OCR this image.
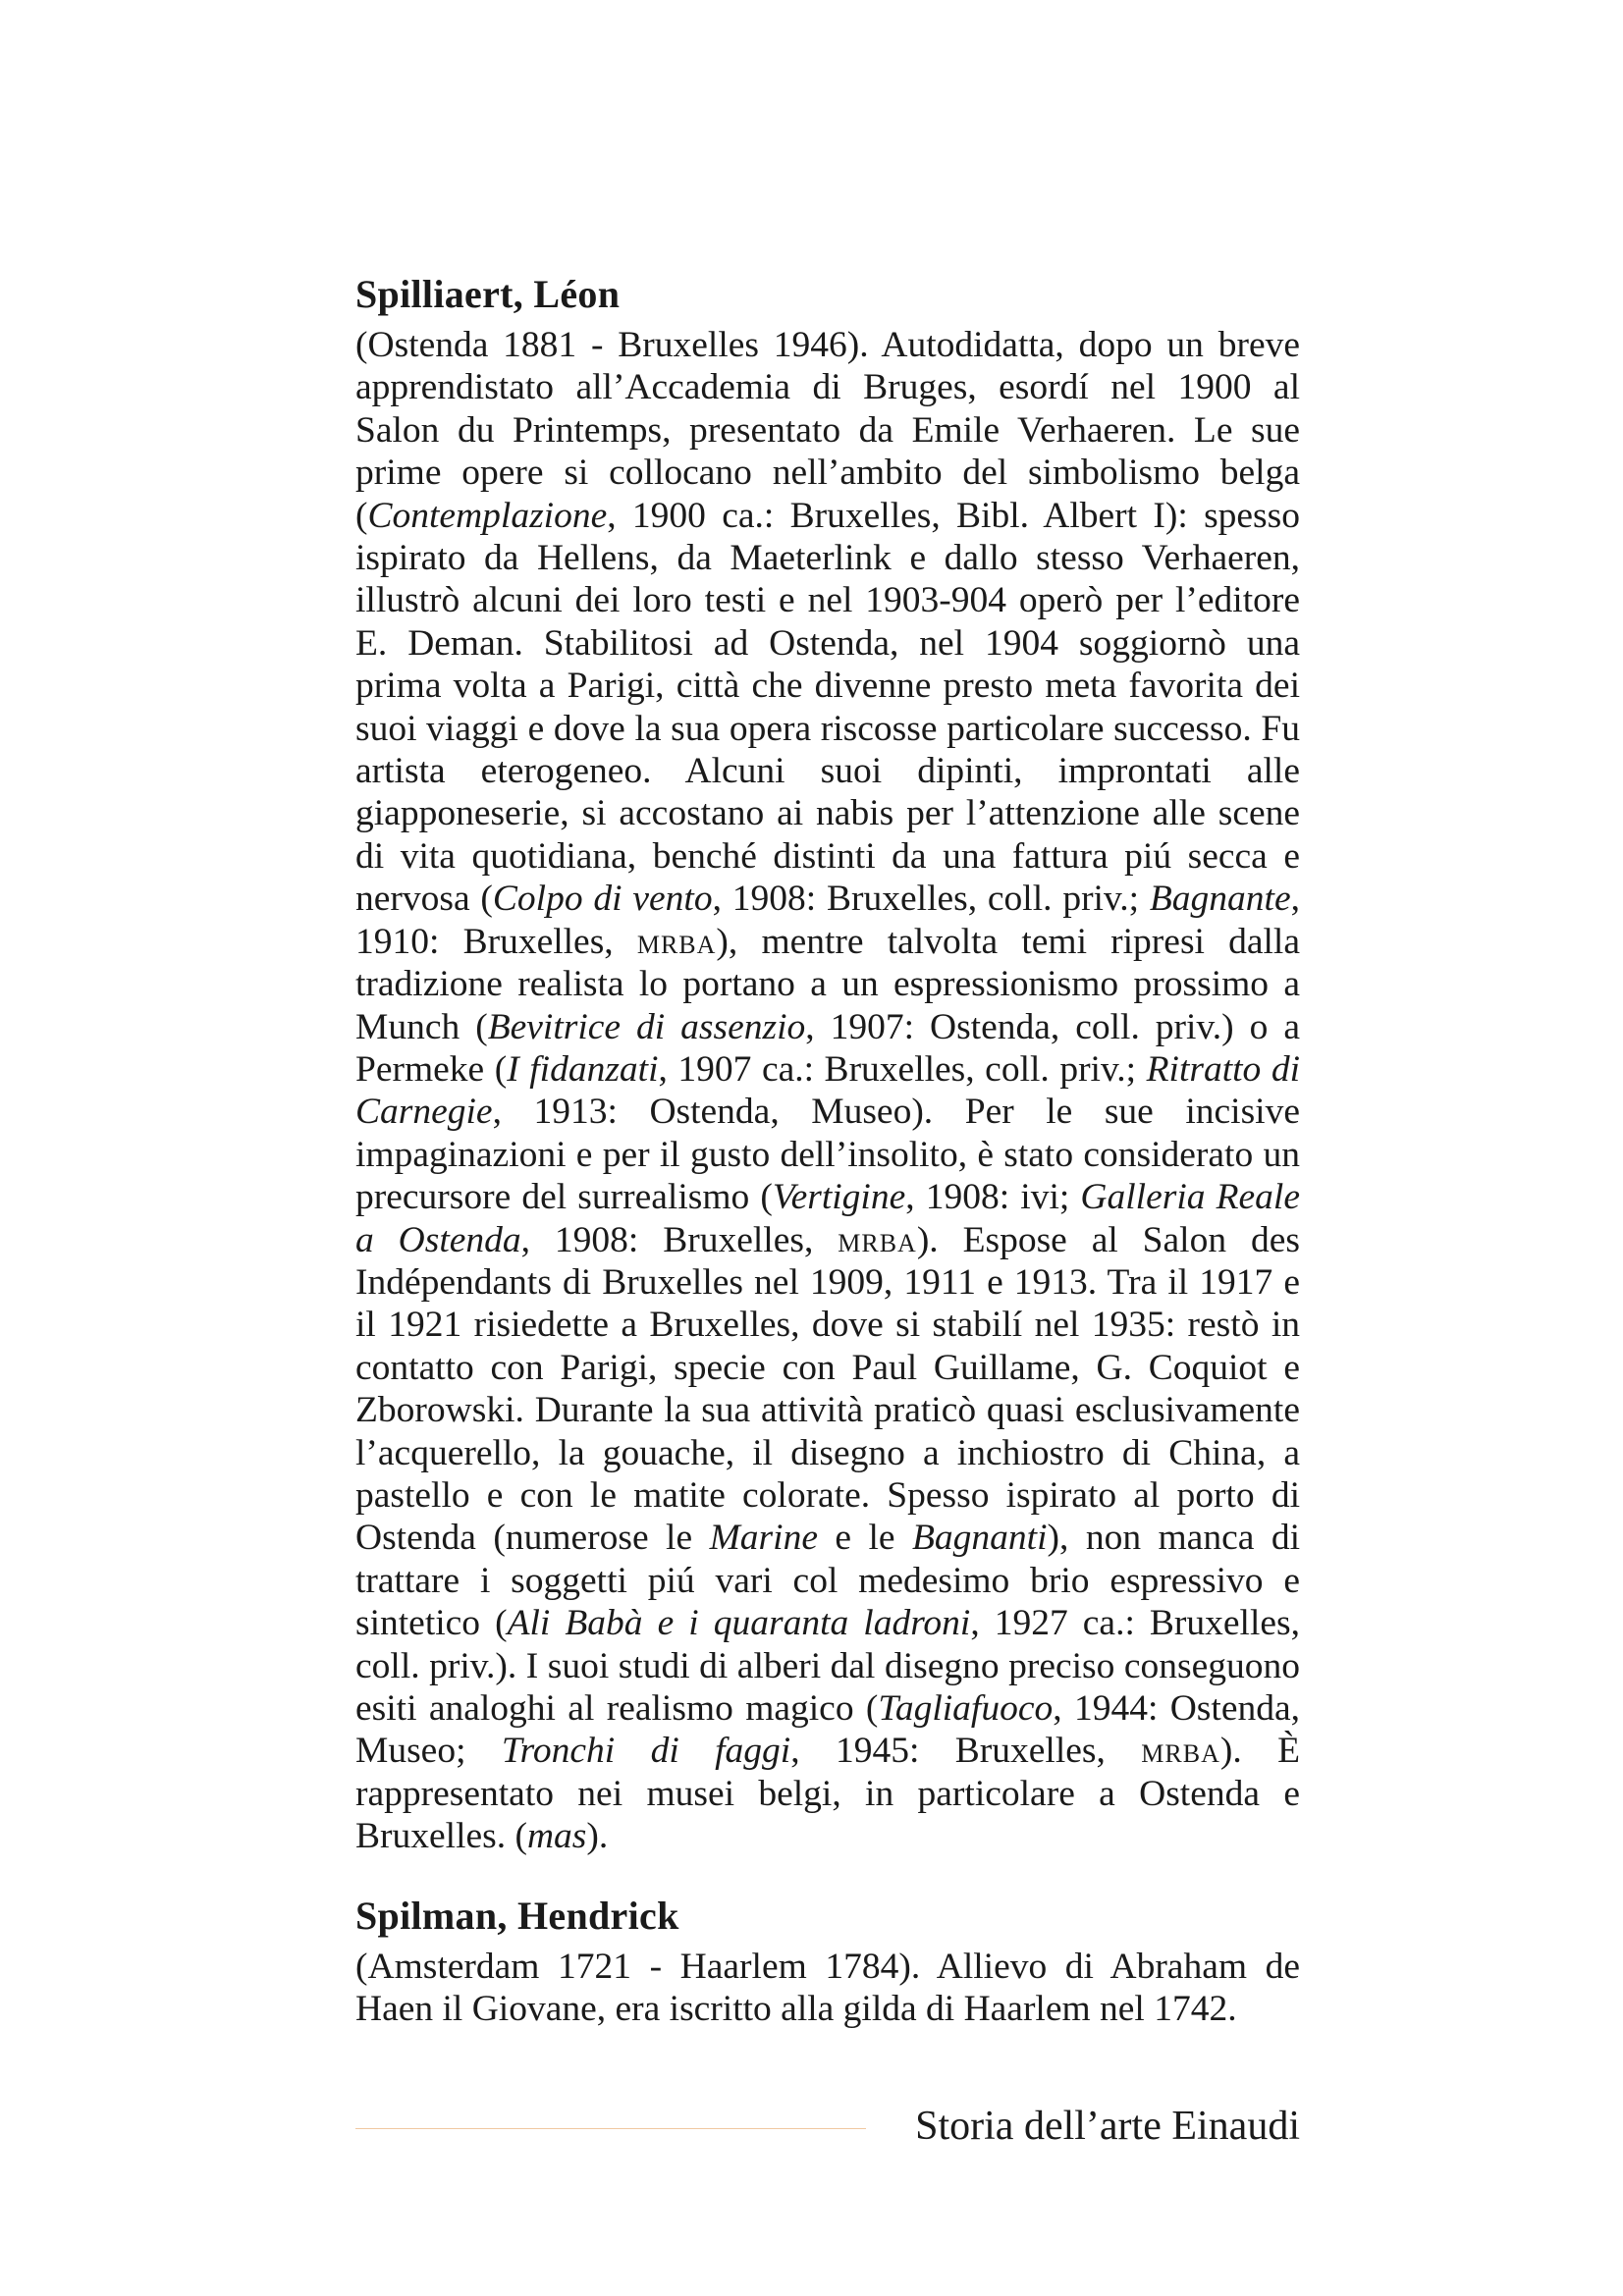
Spilliaert, Léon

(Ostenda 1881 - Bruxelles 1946). Autodidatta, dopo un breve apprendistato all’Accademia di Bruges, esordí nel 1900 al Salon du Printemps, presentato da Emile Verhaeren. Le sue prime opere si collocano nell’ambito del simbolismo belga (Contemplazione, 1900 ca.: Bruxelles, Bibl. Albert I): spesso ispirato da Hellens, da Maeterlink e dallo stesso Verhaeren, illustrò alcuni dei loro testi e nel 1903-904 operò per l’editore E. Deman. Stabilitosi ad Ostenda, nel 1904 soggiornò una prima volta a Parigi, città che divenne presto meta favorita dei suoi viaggi e dove la sua opera riscosse particolare successo. Fu artista eterogeneo. Alcuni suoi dipinti, improntati alle giapponeserie, si accostano ai nabis per l’attenzione alle scene di vita quotidiana, benché distinti da una fattura piú secca e nervosa (Colpo di vento, 1908: Bruxelles, coll. priv.; Bagnante, 1910: Bruxelles, mrba), mentre talvolta temi ripresi dalla tradizione realista lo portano a un espressionismo prossimo a Munch (Bevitrice di assenzio, 1907: Ostenda, coll. priv.) o a Permeke (I fidanzati, 1907 ca.: Bruxelles, coll. priv.; Ritratto di Carnegie, 1913: Ostenda, Museo). Per le sue incisive impaginazioni e per il gusto dell’insolito, è stato considerato un precursore del surrealismo (Vertigine, 1908: ivi; Galleria Reale a Ostenda, 1908: Bruxelles, mrba). Espose al Salon des Indépendants di Bruxelles nel 1909, 1911 e 1913. Tra il 1917 e il 1921 risiedette a Bruxelles, dove si stabilí nel 1935: restò in contatto con Parigi, specie con Paul Guillame, G. Coquiot e Zborowski. Durante la sua attività praticò quasi esclusivamente l’acquerello, la gouache, il disegno a inchiostro di China, a pastello e con le matite colorate. Spesso ispirato al porto di Ostenda (numerose le Marine e le Bagnanti), non manca di trattare i soggetti piú vari col medesimo brio espressivo e sintetico (Ali Babà e i quaranta ladroni, 1927 ca.: Bruxelles, coll. priv.). I suoi studi di alberi dal disegno preciso conseguono esiti analoghi al realismo magico (Tagliafuoco, 1944: Ostenda, Museo; Tronchi di faggi, 1945: Bruxelles, mrba). È rappresentato nei musei belgi, in particolare a Ostenda e Bruxelles. (mas).

Spilman, Hendrick

(Amsterdam 1721 - Haarlem 1784). Allievo di Abraham de Haen il Giovane, era iscritto alla gilda di Haarlem nel 1742.

Storia dell’arte Einaudi
